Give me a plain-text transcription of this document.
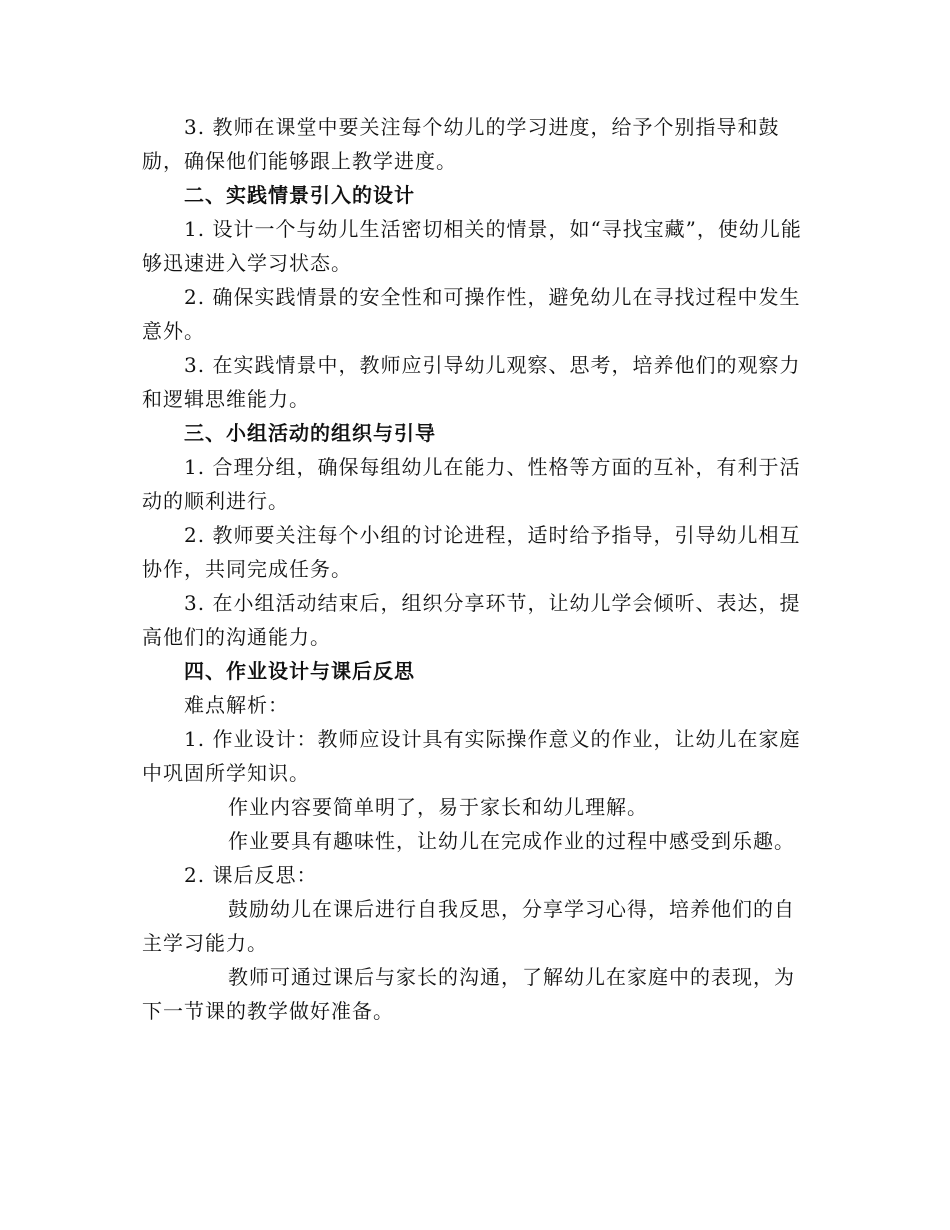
3. 教师在课堂中要关注每个幼儿的学习进度，给予个别指导和鼓励，确保他们能够跟上教学进度。

二、实践情景引入的设计

1. 设计一个与幼儿生活密切相关的情景，如“寻找宝藏”，使幼儿能够迅速进入学习状态。

2. 确保实践情景的安全性和可操作性，避免幼儿在寻找过程中发生意外。

3. 在实践情景中，教师应引导幼儿观察、思考，培养他们的观察力和逻辑思维能力。

三、小组活动的组织与引导

1. 合理分组，确保每组幼儿在能力、性格等方面的互补，有利于活动的顺利进行。

2. 教师要关注每个小组的讨论进程，适时给予指导，引导幼儿相互协作，共同完成任务。

3. 在小组活动结束后，组织分享环节，让幼儿学会倾听、表达，提高他们的沟通能力。

四、作业设计与课后反思

难点解析：

1. 作业设计：教师应设计具有实际操作意义的作业，让幼儿在家庭中巩固所学知识。

作业内容要简单明了，易于家长和幼儿理解。

作业要具有趣味性，让幼儿在完成作业的过程中感受到乐趣。

2. 课后反思：

鼓励幼儿在课后进行自我反思，分享学习心得，培养他们的自主学习能力。

教师可通过课后与家长的沟通，了解幼儿在家庭中的表现，为下一节课的教学做好准备。
